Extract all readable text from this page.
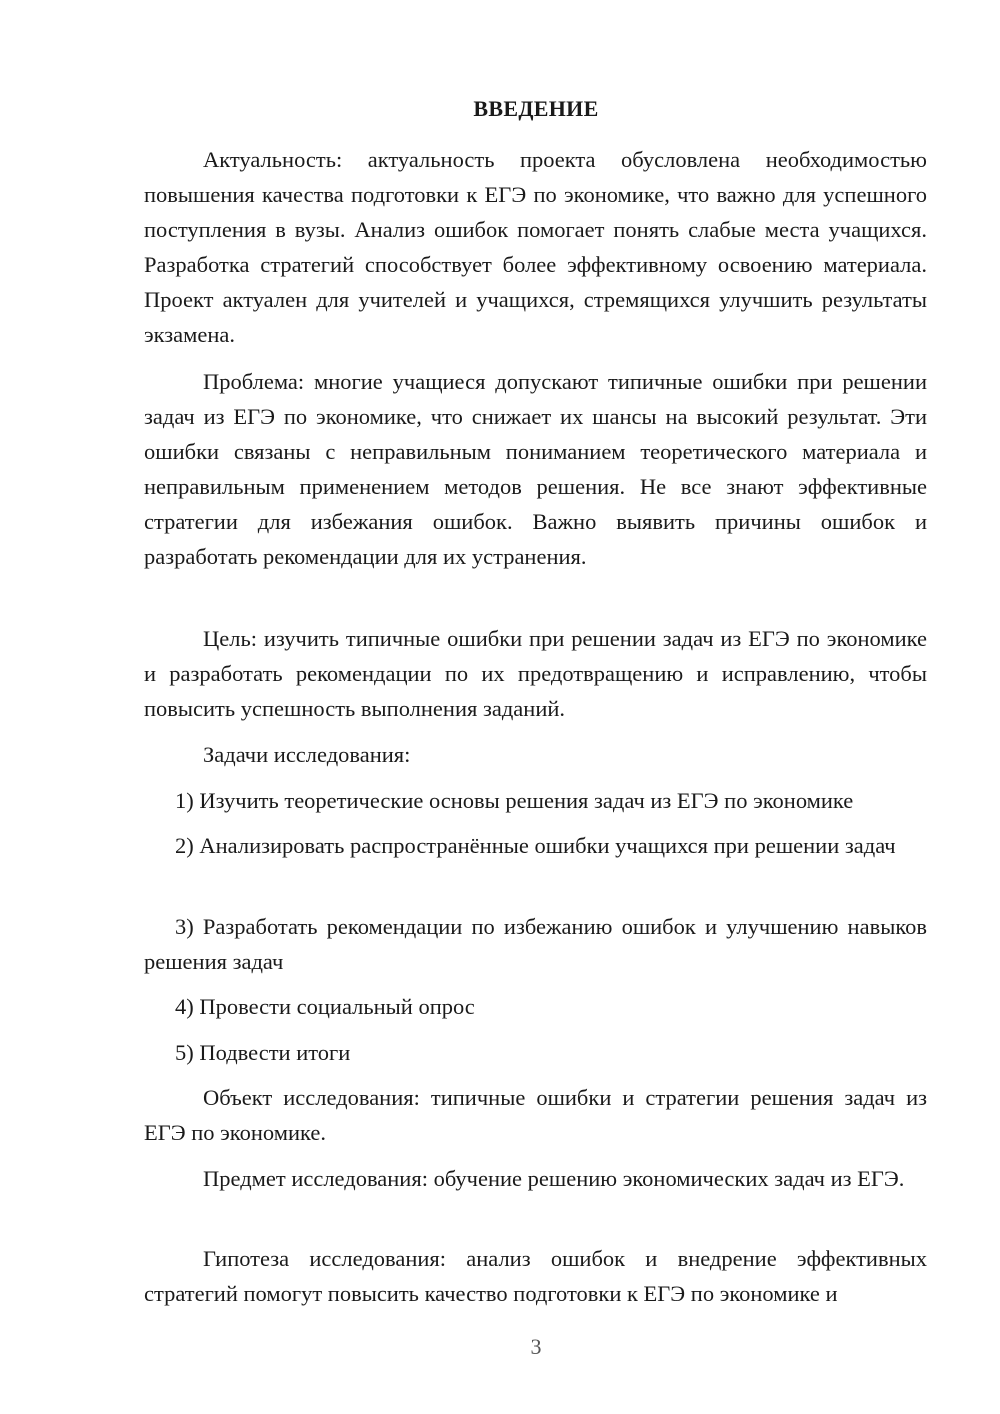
ВВЕДЕНИЕ

Актуальность: актуальность проекта обусловлена необходимостью повышения качества подготовки к ЕГЭ по экономике, что важно для успешного поступления в вузы. Анализ ошибок помогает понять слабые места учащихся. Разработка стратегий способствует более эффективному освоению материала. Проект актуален для учителей и учащихся, стремящихся улучшить результаты экзамена.

Проблема: многие учащиеся допускают типичные ошибки при решении задач из ЕГЭ по экономике, что снижает их шансы на высокий результат. Эти ошибки связаны с неправильным пониманием теоретического материала и неправильным применением методов решения. Не все знают эффективные стратегии для избежания ошибок. Важно выявить причины ошибок и разработать рекомендации для их устранения.

Цель: изучить типичные ошибки при решении задач из ЕГЭ по экономике и разработать рекомендации по их предотвращению и исправлению, чтобы повысить успешность выполнения заданий.

Задачи исследования:

1) Изучить теоретические основы решения задач из ЕГЭ по экономике

2) Анализировать распространённые ошибки учащихся при решении задач

3) Разработать рекомендации по избежанию ошибок и улучшению навыков решения задач

4) Провести социальный опрос

5) Подвести итоги

Объект исследования: типичные ошибки и стратегии решения задач из ЕГЭ по экономике.

Предмет исследования: обучение решению экономических задач из ЕГЭ.

Гипотеза исследования: анализ ошибок и внедрение эффективных стратегий помогут повысить качество подготовки к ЕГЭ по экономике и

3
